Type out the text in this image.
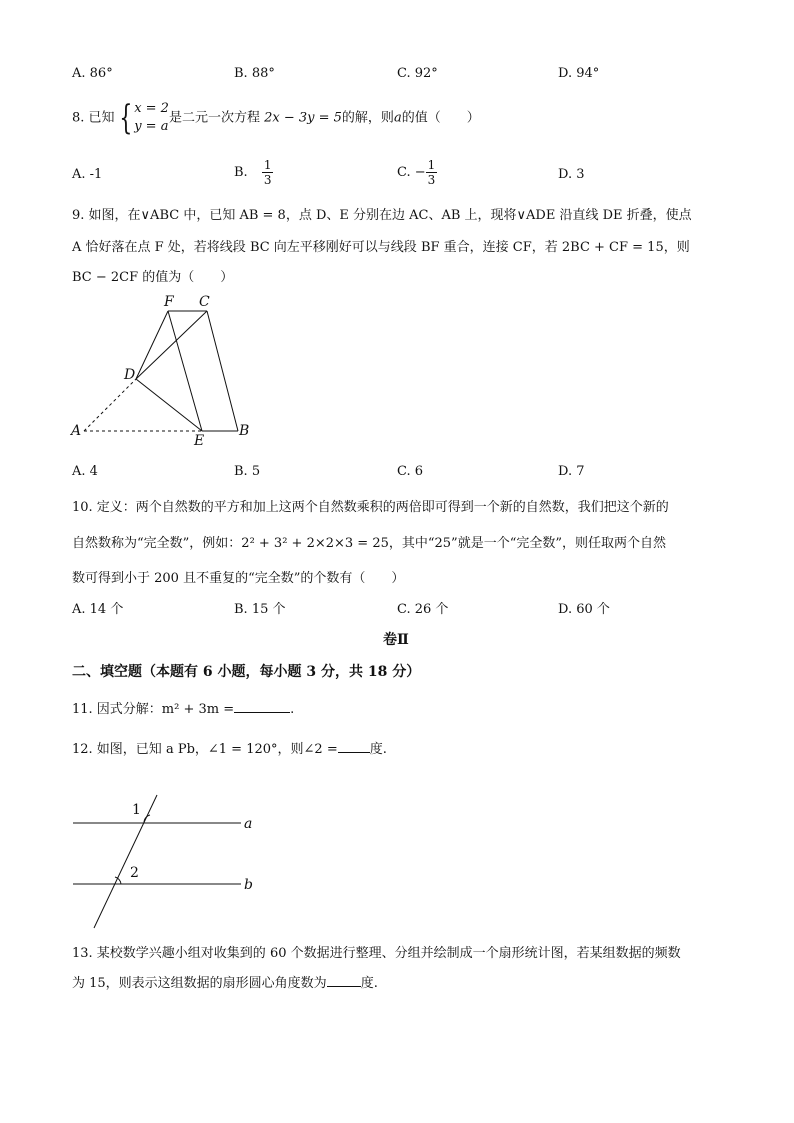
A. 86°	B. 88°	C. 92°	D. 94°
8. 已知 { x = 2
y = a
是二元一次方程 2x − 3y = 5的解，则a的值（　　）
A. -1	B. $\frac{1}{3}$	C. − $\frac{1}{3}$	D. 3
9. 如图，在∨ABC 中，已知 AB = 8，点 D、E 分别在边 AC、AB 上，现将∨ADE 沿直线 DE 折叠，使点
A 恰好落在点 F 处，若将线段 BC 向左平移刚好可以与线段 BF 重合，连接 CF，若 2BC + CF = 15，则
BC − 2CF 的值为（　　）
F C
D
A
E
B
A. 4	B. 5	C. 6	D. 7
10. 定义：两个自然数的平方和加上这两个自然数乘积的两倍即可得到一个新的自然数，我们把这个新的
自然数称为“完全数”，例如：2² + 3² + 2×2×3 = 25，其中“25”就是一个“完全数”，则任取两个自然
数可得到小于 200 且不重复的“完全数”的个数有（　　）
A. 14 个	B. 15 个	C. 26 个	D. 60 个
卷Ⅱ
二、填空题（本题有 6 小题，每小题 3 分，共 18 分）
11. 因式分解：m² + 3m =	.
12. 如图，已知 a Pb，∠1 = 120°，则∠2 = 度.
1
2
a
b
13. 某校数学兴趣小组对收集到的 60 个数据进行整理、分组并绘制成一个扇形统计图，若某组数据的频数
为 15，则表示这组数据的扇形圆心角度数为	度.
